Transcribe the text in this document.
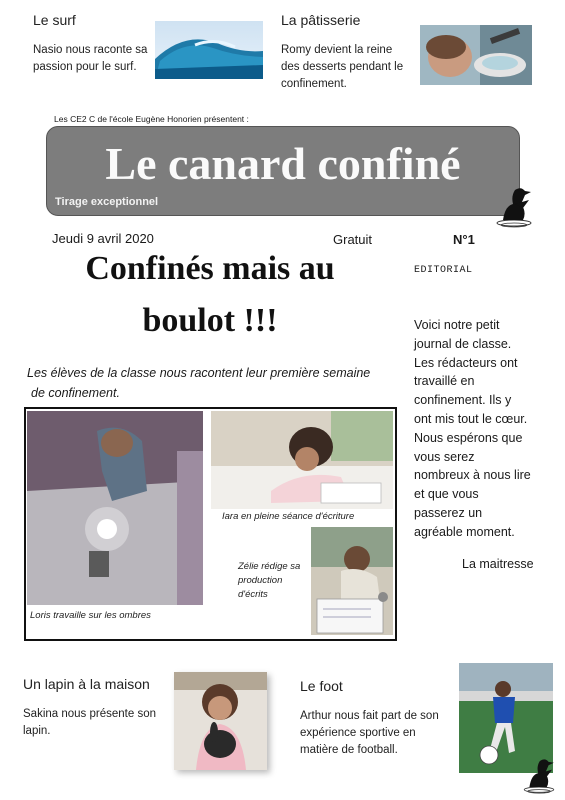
Le surf
Nasio nous raconte sa passion pour le surf.
La pâtisserie
Romy devient la reine des desserts pendant le confinement.
Les CE2 C de l'école Eugène Honorien présentent :
Le canard confiné
Tirage exceptionnel
Jeudi 9 avril 2020	Gratuit	N°1
Confinés mais au
boulot !!!
Les élèves de la classe nous racontent leur première semaine
de confinement.
Loris travaille sur les ombres
Iara en pleine séance d'écriture
Zélie rédige sa production d'écrits
EDITORIAL
Voici notre petit journal de classe. Les rédacteurs ont travaillé en confinement. Ils y ont mis tout le cœur. Nous espérons que vous serez nombreux à nous lire et que vous passerez un agréable moment.
La maitresse
Un lapin à la maison
Sakina nous présente son lapin.
Le foot
Arthur nous fait part de son expérience sportive en matière de football.
